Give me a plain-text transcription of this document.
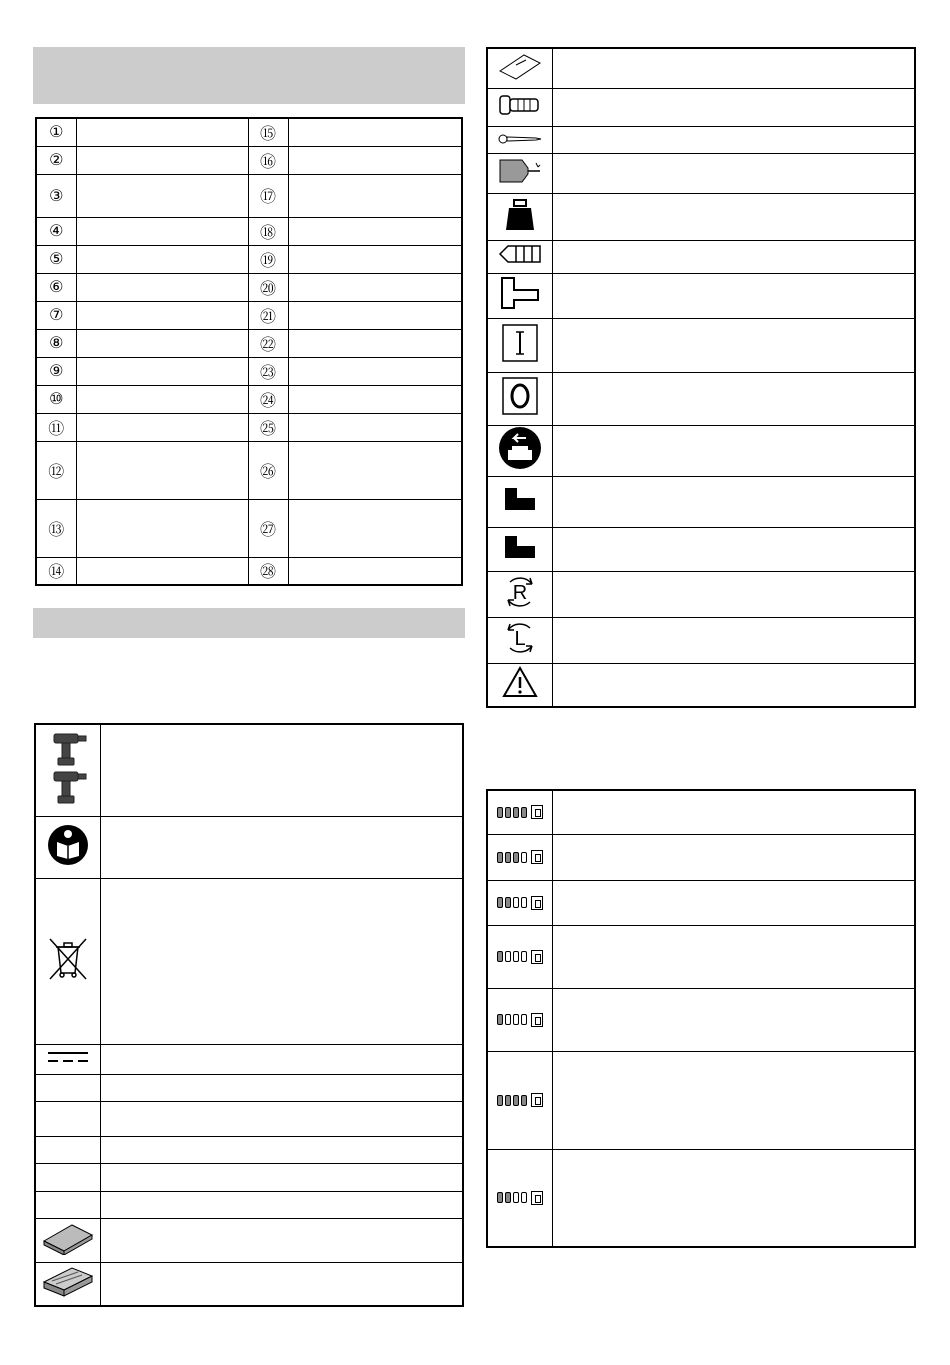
①		⑮	
②		⑯	
③		⑰	
④		⑱	
⑤		⑲	
⑥		⑳	
⑦		㉑	
⑧		㉒	
⑨		㉓	
⑩		㉔	
⑪		㉕	
⑫		㉖	
⑬		㉗	
⑭		㉘	

R	

L	
